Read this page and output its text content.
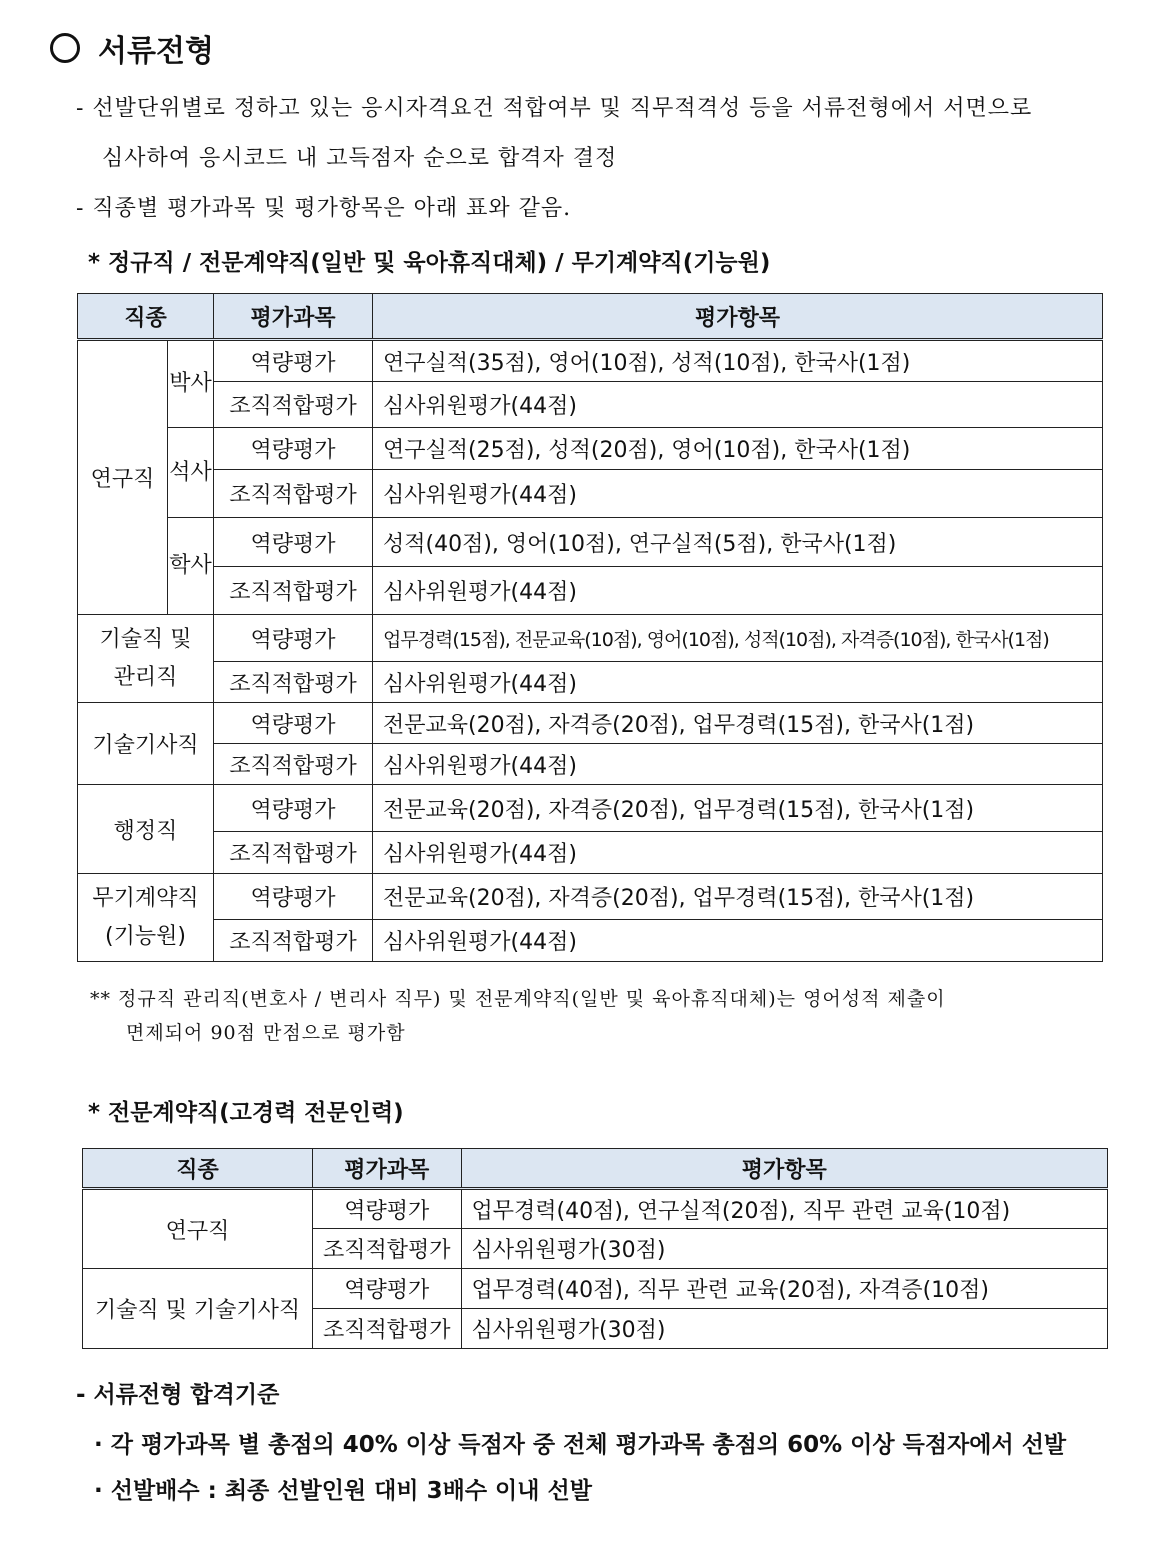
서류전형
- 선발단위별로 정하고 있는 응시자격요건 적합여부 및 직무적격성 등을 서류전형에서 서면으로
심사하여 응시코드 내 고득점자 순으로 합격자 결정
- 직종별 평가과목 및 평가항목은 아래 표와 같음.
* 정규직 / 전문계약직(일반 및 육아휴직대체) / 무기계약직(기능원)
직종		평가과목	평가항목
연구직	박사	역량평가	연구실적(35점), 영어(10점), 성적(10점), 한국사(1점)
		조직적합평가	심사위원평가(44점)
	석사	역량평가	연구실적(25점), 성적(20점), 영어(10점), 한국사(1점)
		조직적합평가	심사위원평가(44점)
	학사	역량평가	성적(40점), 영어(10점), 연구실적(5점), 한국사(1점)
		조직적합평가	심사위원평가(44점)

기술직 및
관리직		역량평가	업무경력(15점), 전문교육(10점), 영어(10점), 성적(10점), 자격증(10점), 한국사(1점)
		조직적합평가	심사위원평가(44점)
기술기사직		역량평가	전문교육(20점), 자격증(20점), 업무경력(15점), 한국사(1점)
		조직적합평가	심사위원평가(44점)
행정직		역량평가	전문교육(20점), 자격증(20점), 업무경력(15점), 한국사(1점)
		조직적합평가	심사위원평가(44점)

무기계약직
(기능원)		역량평가	전문교육(20점), 자격증(20점), 업무경력(15점), 한국사(1점)
		조직적합평가	심사위원평가(44점)
** 정규직 관리직(변호사 / 변리사 직무) 및 전문계약직(일반 및 육아휴직대체)는 영어성적 제출이
면제되어 90점 만점으로 평가함
* 전문계약직(고경력 전문인력)
직종	평가과목	평가항목
연구직	역량평가	업무경력(40점), 연구실적(20점), 직무 관련 교육(10점)
	조직적합평가	심사위원평가(30점)
기술직 및 기술기사직	역량평가	업무경력(40점), 직무 관련 교육(20점), 자격증(10점)
	조직적합평가	심사위원평가(30점)
- 서류전형 합격기준
· 각 평가과목 별 총점의 40% 이상 득점자 중 전체 평가과목 총점의 60% 이상 득점자에서 선발
· 선발배수 : 최종 선발인원 대비 3배수 이내 선발
